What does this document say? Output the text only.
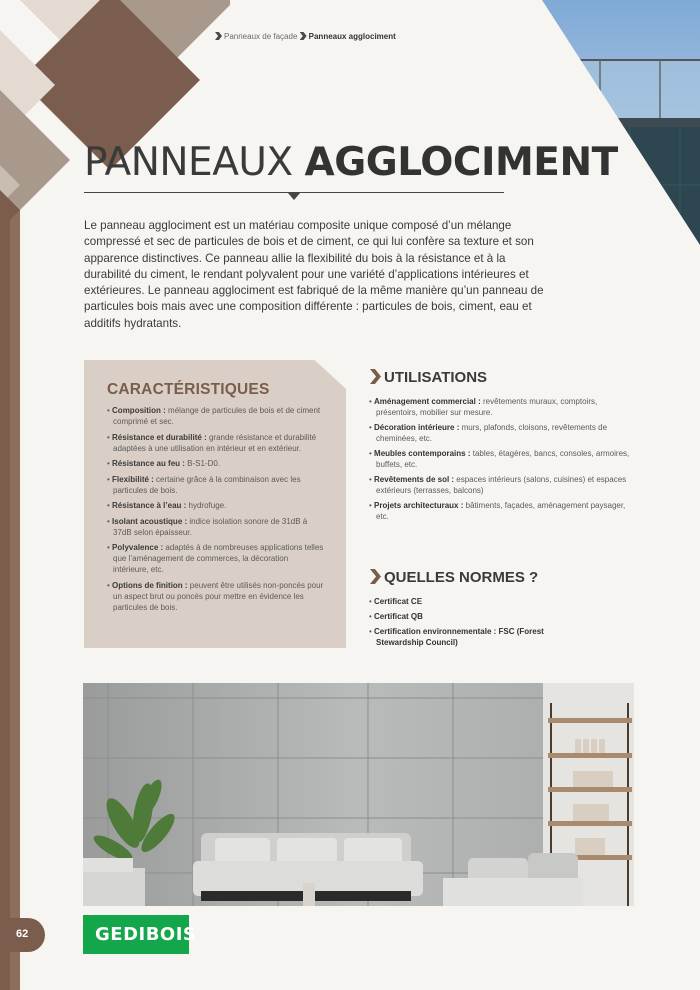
Panneaux de façade Panneaux agglociment
PANNEAUX AGGLOCIMENT
Le panneau agglociment est un matériau composite unique composé d’un mélange compressé et sec de particules de bois et de ciment, ce qui lui confère sa texture et son apparence distinctives. Ce panneau allie la flexibilité du bois à la résistance et à la durabilité du ciment, le rendant polyvalent pour une variété d’applications intérieures et extérieures. Le panneau agglociment est fabriqué de la même manière qu’un panneau de particules bois mais avec une composition différente : particules de bois, ciment, eau et additifs hydratants.
CARACTÉRISTIQUES
• Composition : mélange de particules de bois et de ciment comprimé et sec.
• Résistance et durabilité : grande résistance et durabilité adaptées à une utilisation en intérieur et en extérieur.
• Résistance au feu : B-S1-D0.
• Flexibilité : certaine grâce à la combinaison avec les particules de bois.
• Résistance à l’eau : hydrofuge.
• Isolant acoustique : indice isolation sonore de 31dB à 37dB selon épaisseur.
• Polyvalence : adaptés à de nombreuses applications telles que l’aménagement de commerces, la décoration intérieure, etc.
• Options de finition : peuvent être utilisés non-poncés pour un aspect brut ou poncés pour mettre en évidence les particules de bois.
UTILISATIONS
• Aménagement commercial : revêtements muraux, comptoirs, présentoirs, mobilier sur mesure.
• Décoration intérieure : murs, plafonds, cloisons, revêtements de cheminées, etc.
• Meubles contemporains : tables, étagères, bancs, consoles, armoires, buffets, etc.
• Revêtements de sol : espaces intérieurs (salons, cuisines) et espaces extérieurs (terrasses, balcons)
• Projets architecturaux : bâtiments, façades, aménagement paysager, etc.
QUELLES NORMES ?
• Certificat CE
• Certificat QB
• Certification environnementale : FSC (Forest Stewardship Council)
62	GEDIBOIS
